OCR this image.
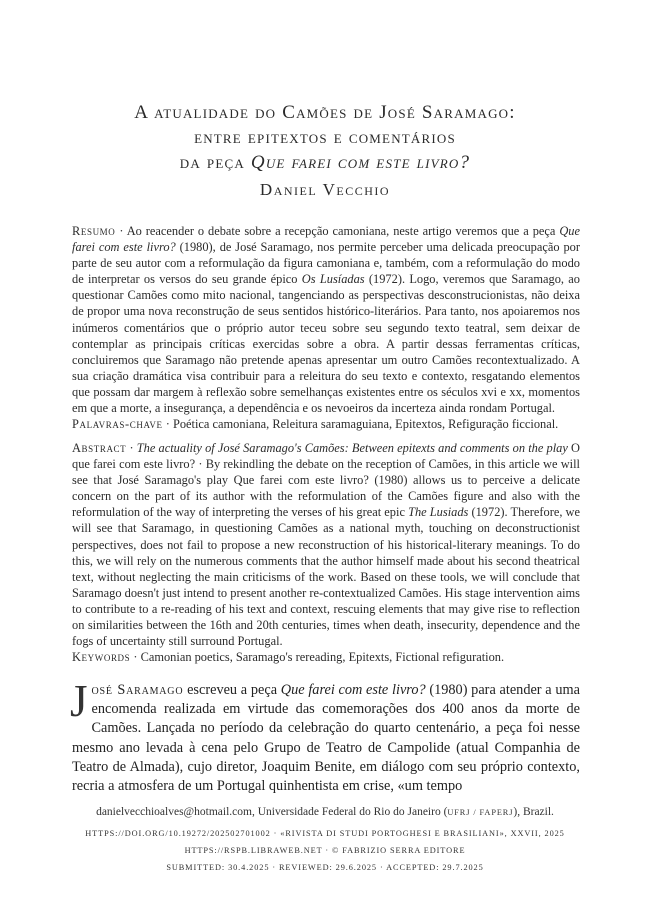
A atualidade do Camões de José Saramago:
entre epitextos e comentários
da peça Que farei com este livro?
Daniel Vecchio
Resumo · Ao reacender o debate sobre a recepção camoniana, neste artigo veremos que a peça Que farei com este livro? (1980), de José Saramago, nos permite perceber uma delicada preocupação por parte de seu autor com a reformulação da figura camoniana e, também, com a reformulação do modo de interpretar os versos do seu grande épico Os Lusíadas (1972). Logo, veremos que Saramago, ao questionar Camões como mito nacional, tangenciando as perspectivas desconstrucionistas, não deixa de propor uma nova reconstrução de seus sentidos histórico-literários. Para tanto, nos apoiaremos nos inúmeros comentários que o próprio autor teceu sobre seu segundo texto teatral, sem deixar de contemplar as principais críticas exercidas sobre a obra. A partir dessas ferramentas críticas, concluiremos que Saramago não pretende apenas apresentar um outro Camões recontextualizado. A sua criação dramática visa contribuir para a releitura do seu texto e contexto, resgatando elementos que possam dar margem à reflexão sobre semelhanças existentes entre os séculos xvi e xx, momentos em que a morte, a insegurança, a dependência e os nevoeiros da incerteza ainda rondam Portugal.
Palavras-chave · Poética camoniana, Releitura saramaguiana, Epitextos, Refiguração ficcional.
Abstract · The actuality of José Saramago's Camões: Between epitexts and comments on the play O que farei com este livro? · By rekindling the debate on the reception of Camões, in this article we will see that José Saramago's play Que farei com este livro? (1980) allows us to perceive a delicate concern on the part of its author with the reformulation of the Camões figure and also with the reformulation of the way of interpreting the verses of his great epic The Lusiads (1972). Therefore, we will see that Saramago, in questioning Camões as a national myth, touching on deconstructionist perspectives, does not fail to propose a new reconstruction of his historical-literary meanings. To do this, we will rely on the numerous comments that the author himself made about his second theatrical text, without neglecting the main criticisms of the work. Based on these tools, we will conclude that Saramago doesn't just intend to present another re-contextualized Camões. His stage intervention aims to contribute to a re-reading of his text and context, rescuing elements that may give rise to reflection on similarities between the 16th and 20th centuries, times when death, insecurity, dependence and the fogs of uncertainty still surround Portugal.
Keywords · Camonian poetics, Saramago's rereading, Epitexts, Fictional refiguration.
José Saramago escreveu a peça Que farei com este livro? (1980) para atender a uma encomenda realizada em virtude das comemorações dos 400 anos da morte de Camões. Lançada no período da celebração do quarto centenário, a peça foi nesse mesmo ano levada à cena pelo Grupo de Teatro de Campolide (atual Companhia de Teatro de Almada), cujo diretor, Joaquim Benite, em diálogo com seu próprio contexto, recria a atmosfera de um Portugal quinhentista em crise, «um tempo
danielvecchioalves@hotmail.com, Universidade Federal do Rio do Janeiro (UFRJ / FAPERJ), Brazil.
HTTPS://DOI.ORG/10.19272/202502701002 · «RIVISTA DI STUDI PORTOGHESI E BRASILIANI», XXVII, 2025
HTTPS://RSPB.LIBRAWEB.NET · © FABRIZIO SERRA EDITORE
SUBMITTED: 30.4.2025 · REVIEWED: 29.6.2025 · ACCEPTED: 29.7.2025
